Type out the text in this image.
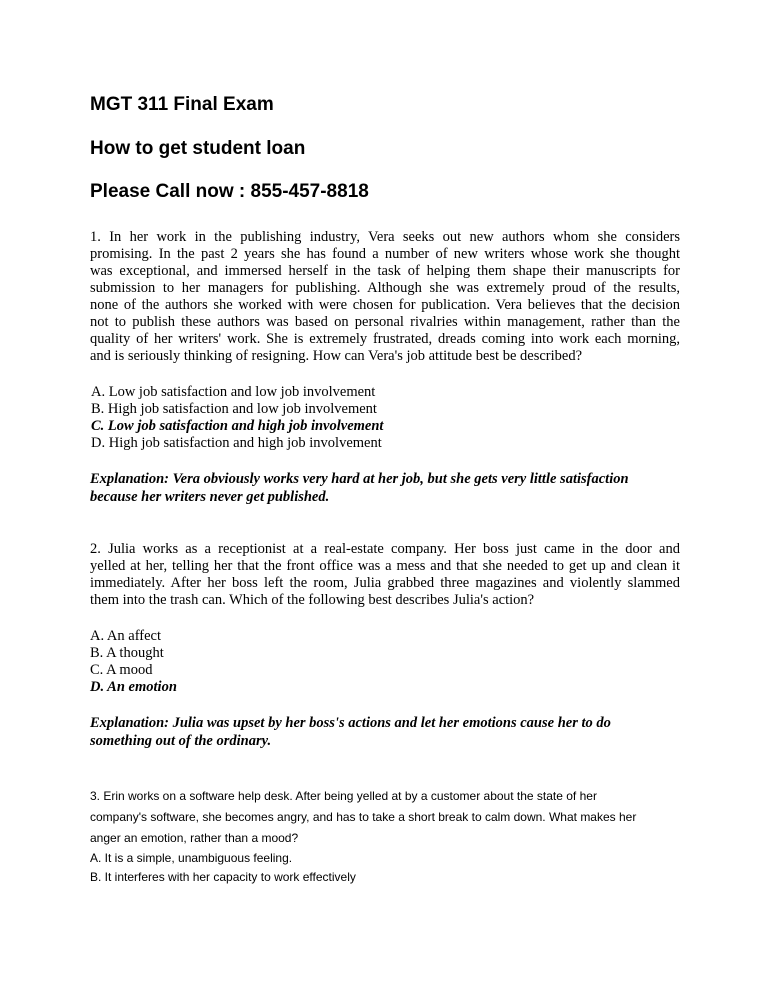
MGT 311 Final Exam
How to get student loan
Please Call now : 855-457-8818
1. In her work in the publishing industry, Vera seeks out new authors whom she considers
promising. In the past 2 years she has found a number of new writers whose work she thought
was exceptional, and immersed herself in the task of helping them shape their manuscripts for
submission to her managers for publishing. Although she was extremely proud of the results,
none of the authors she worked with were chosen for publication. Vera believes that the decision
not to publish these authors was based on personal rivalries within management, rather than the
quality of her writers' work. She is extremely frustrated, dreads coming into work each morning,
and is seriously thinking of resigning. How can Vera's job attitude best be described?
A. Low job satisfaction and low job involvement
B. High job satisfaction and low job involvement
C. Low job satisfaction and high job involvement
D. High job satisfaction and high job involvement
Explanation: Vera obviously works very hard at her job, but she gets very little satisfaction
because her writers never get published.
2. Julia works as a receptionist at a real-estate company. Her boss just came in the door and
yelled at her, telling her that the front office was a mess and that she needed to get up and clean it
immediately. After her boss left the room, Julia grabbed three magazines and violently slammed
them into the trash can. Which of the following best describes Julia's action?
A. An affect
B. A thought
C. A mood
D. An emotion
Explanation: Julia was upset by her boss's actions and let her emotions cause her to do
something out of the ordinary.
3. Erin works on a software help desk. After being yelled at by a customer about the state of her
company's software, she becomes angry, and has to take a short break to calm down. What makes her
anger an emotion, rather than a mood?
A. It is a simple, unambiguous feeling.
B. It interferes with her capacity to work effectively
